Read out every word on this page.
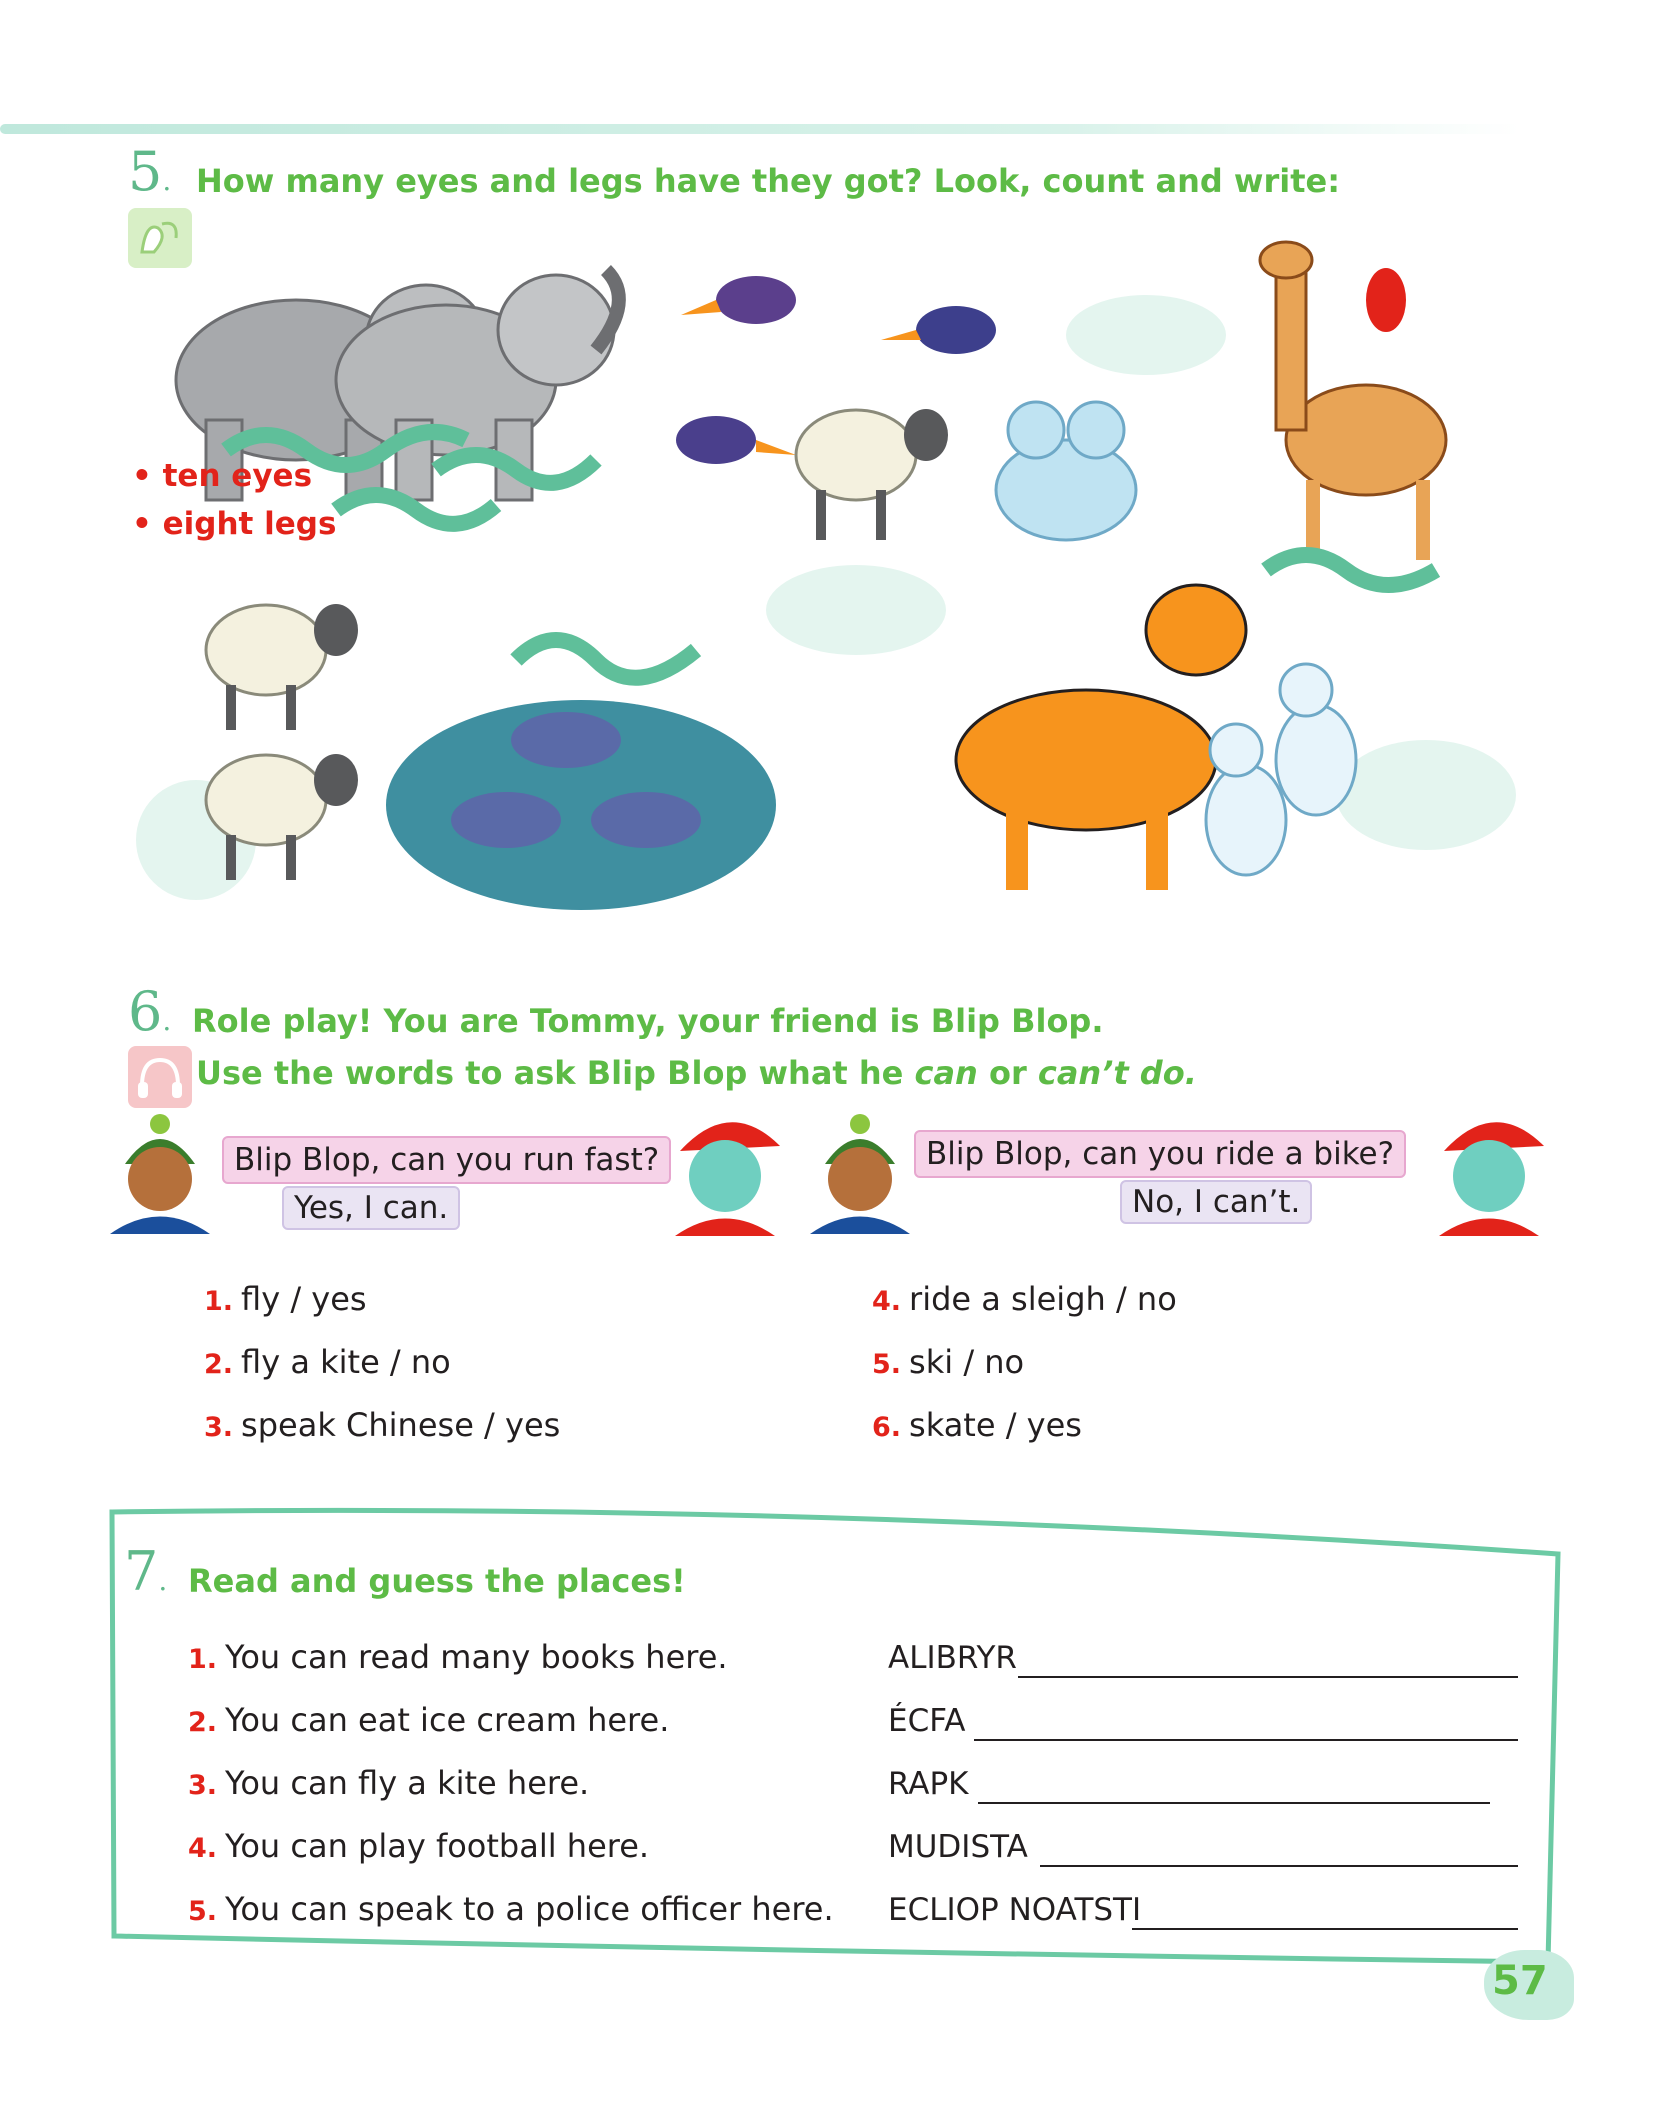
5. How many eyes and legs have they got? Look, count and write:
• ten eyes
• eight legs
6. Role play! You are Tommy, your friend is Blip Blop.
Use the words to ask Blip Blop what he can or can’t do.
Blip Blop, can you run fast?
Yes, I can.
Blip Blop, can you ride a bike?
No, I can’t.
1. fly / yes
2. fly a kite / no
3. speak Chinese / yes
4. ride a sleigh / no
5. ski / no
6. skate / yes
7. Read and guess the places!
1. You can read many books here.
2. You can eat ice cream here.
3. You can fly a kite here.
4. You can play football here.
5. You can speak to a police officer here.
ALIBRYR
ÉCFA
RAPK
MUDISTA
ECLIOP NOATSTI
57
